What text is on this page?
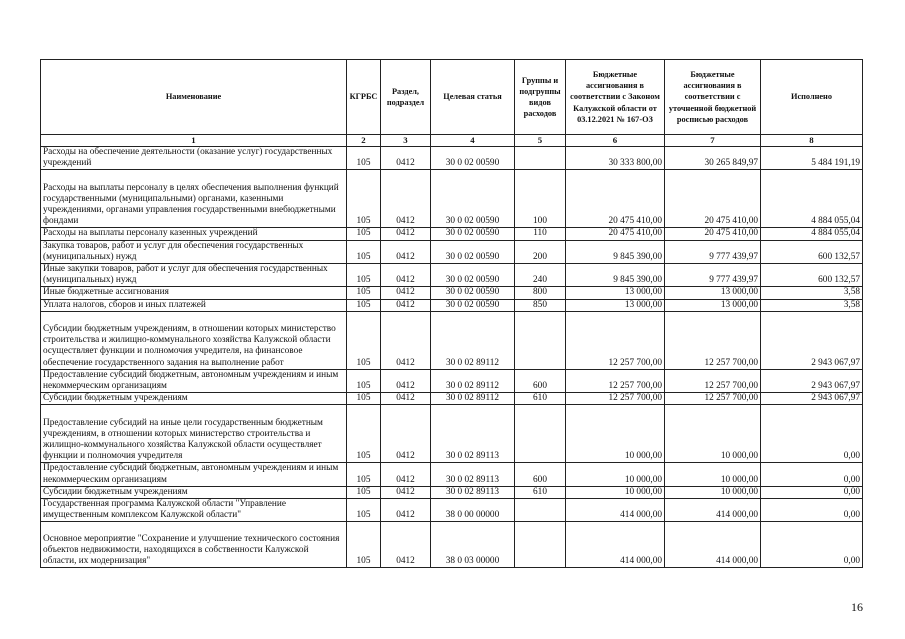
Наименование	КГРБС	Раздел, подраздел	Целевая статья	Группы и подгруппы видов расходов	Бюджетные ассигнования в соответствии с Законом Калужской области от 03.12.2021 № 167-ОЗ	Бюджетные ассигнования в соответствии с уточненной бюджетной росписью расходов	Исполнено
1	2	3	4	5	6	7	8
Расходы на обеспечение деятельности (оказание услуг) государственных учреждений	105	0412	30 0 02 00590		30 333 800,00	30 265 849,97	5 484 191,19
Расходы на выплаты персоналу в целях обеспечения выполнения функций государственными (муниципальными) органами, казенными учреждениями, органами управления государственными внебюджетными фондами	105	0412	30 0 02 00590	100	20 475 410,00	20 475 410,00	4 884 055,04
Расходы на выплаты персоналу казенных учреждений	105	0412	30 0 02 00590	110	20 475 410,00	20 475 410,00	4 884 055,04
Закупка товаров, работ и услуг для обеспечения государственных (муниципальных) нужд	105	0412	30 0 02 00590	200	9 845 390,00	9 777 439,97	600 132,57
Иные закупки товаров, работ и услуг для обеспечения государственных (муниципальных) нужд	105	0412	30 0 02 00590	240	9 845 390,00	9 777 439,97	600 132,57
Иные бюджетные ассигнования	105	0412	30 0 02 00590	800	13 000,00	13 000,00	3,58
Уплата налогов, сборов и иных платежей	105	0412	30 0 02 00590	850	13 000,00	13 000,00	3,58
Субсидии бюджетным учреждениям, в отношении которых министерство строительства и жилищно-коммунального хозяйства Калужской области осуществляет функции и полномочия учредителя, на финансовое обеспечение государственного задания на выполнение работ	105	0412	30 0 02 89112		12 257 700,00	12 257 700,00	2 943 067,97
Предоставление субсидий бюджетным, автономным учреждениям и иным некоммерческим организациям	105	0412	30 0 02 89112	600	12 257 700,00	12 257 700,00	2 943 067,97
Субсидии бюджетным учреждениям	105	0412	30 0 02 89112	610	12 257 700,00	12 257 700,00	2 943 067,97
Предоставление субсидий на иные цели государственным бюджетным учреждениям, в отношении которых министерство строительства и жилищно-коммунального хозяйства Калужской области осуществляет функции и полномочия учредителя	105	0412	30 0 02 89113		10 000,00	10 000,00	0,00
Предоставление субсидий бюджетным, автономным учреждениям и иным некоммерческим организациям	105	0412	30 0 02 89113	600	10 000,00	10 000,00	0,00
Субсидии бюджетным учреждениям	105	0412	30 0 02 89113	610	10 000,00	10 000,00	0,00
Государственная программа Калужской области "Управление имущественным комплексом Калужской области"	105	0412	38 0 00 00000		414 000,00	414 000,00	0,00
Основное мероприятие "Сохранение и улучшение технического состояния объектов недвижимости, находящихся в собственности Калужской области, их модернизация"	105	0412	38 0 03 00000		414 000,00	414 000,00	0,00
16
